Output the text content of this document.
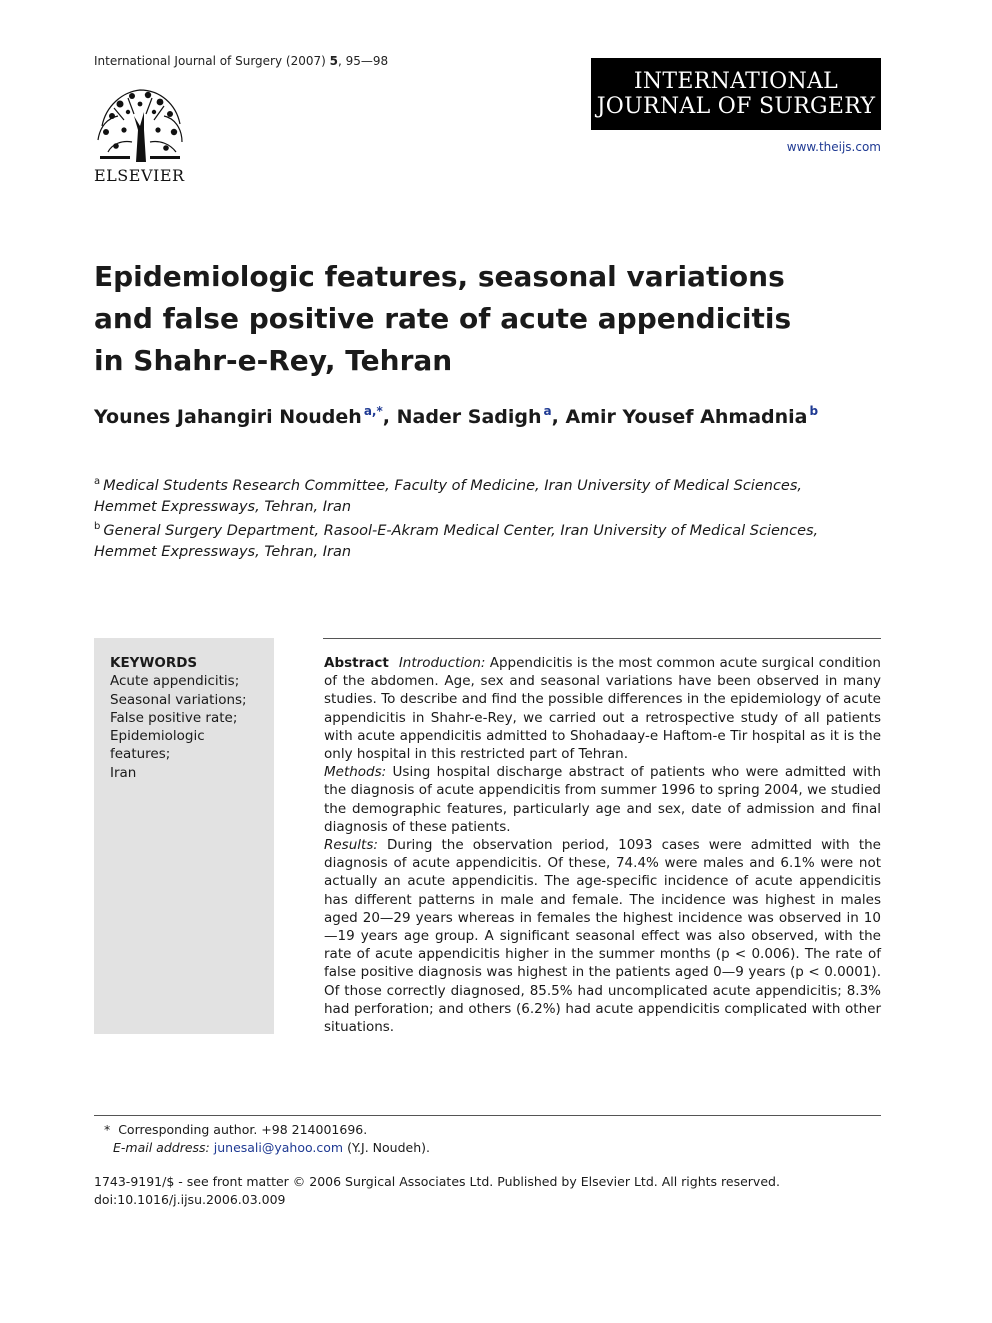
International Journal of Surgery (2007) 5, 95—98
ELSEVIER
INTERNATIONAL
JOURNAL OF SURGERY
www.theijs.com
Epidemiologic features, seasonal variations
and false positive rate of acute appendicitis
in Shahr-e-Rey, Tehran
Younes Jahangiri Noudeh $^{a,*}$, Nader Sadigh $^a$, Amir Yousef Ahmadnia $^b$
$^a$ Medical Students Research Committee, Faculty of Medicine, Iran University of Medical Sciences,
Hemmet Expressways, Tehran, Iran
$^b$ General Surgery Department, Rasool-E-Akram Medical Center, Iran University of Medical Sciences,
Hemmet Expressways, Tehran, Iran
KEYWORDS
Acute appendicitis;
Seasonal variations;
False positive rate;
Epidemiologic
features;
Iran

Abstract Introduction: Appendicitis is the most common acute surgical condition of the abdomen. Age, sex and seasonal variations have been observed in many studies. To describe and find the possible differences in the epidemiology of acute appendicitis in Shahr-e-Rey, we carried out a retrospective study of all patients with acute appendicitis admitted to Shohadaay-e Haftom-e Tir hospital as it is the only hospital in this restricted part of Tehran.

Methods: Using hospital discharge abstract of patients who were admitted with the diagnosis of acute appendicitis from summer 1996 to spring 2004, we studied the demographic features, particularly age and sex, date of admission and final diagnosis of these patients.

Results: During the observation period, 1093 cases were admitted with the diagnosis of acute appendicitis. Of these, 74.4% were males and 6.1% were not actually an acute appendicitis. The age-specific incidence of acute appendicitis has different patterns in male and female. The incidence was highest in males aged 20—29 years whereas in females the highest incidence was observed in 10—19 years age group. A significant seasonal effect was also observed, with the rate of acute appendicitis higher in the summer months (p < 0.006). The rate of false positive diagnosis was highest in the patients aged 0—9 years (p < 0.0001). Of those correctly diagnosed, 85.5% had uncomplicated acute appendicitis; 8.3% had perforation; and others (6.2%) had acute appendicitis complicated with other situations.

* Corresponding author. +98 214001696.
E-mail address: junesali@yahoo.com (Y.J. Noudeh).
1743-9191/$ - see front matter © 2006 Surgical Associates Ltd. Published by Elsevier Ltd. All rights reserved.
doi:10.1016/j.ijsu.2006.03.009
